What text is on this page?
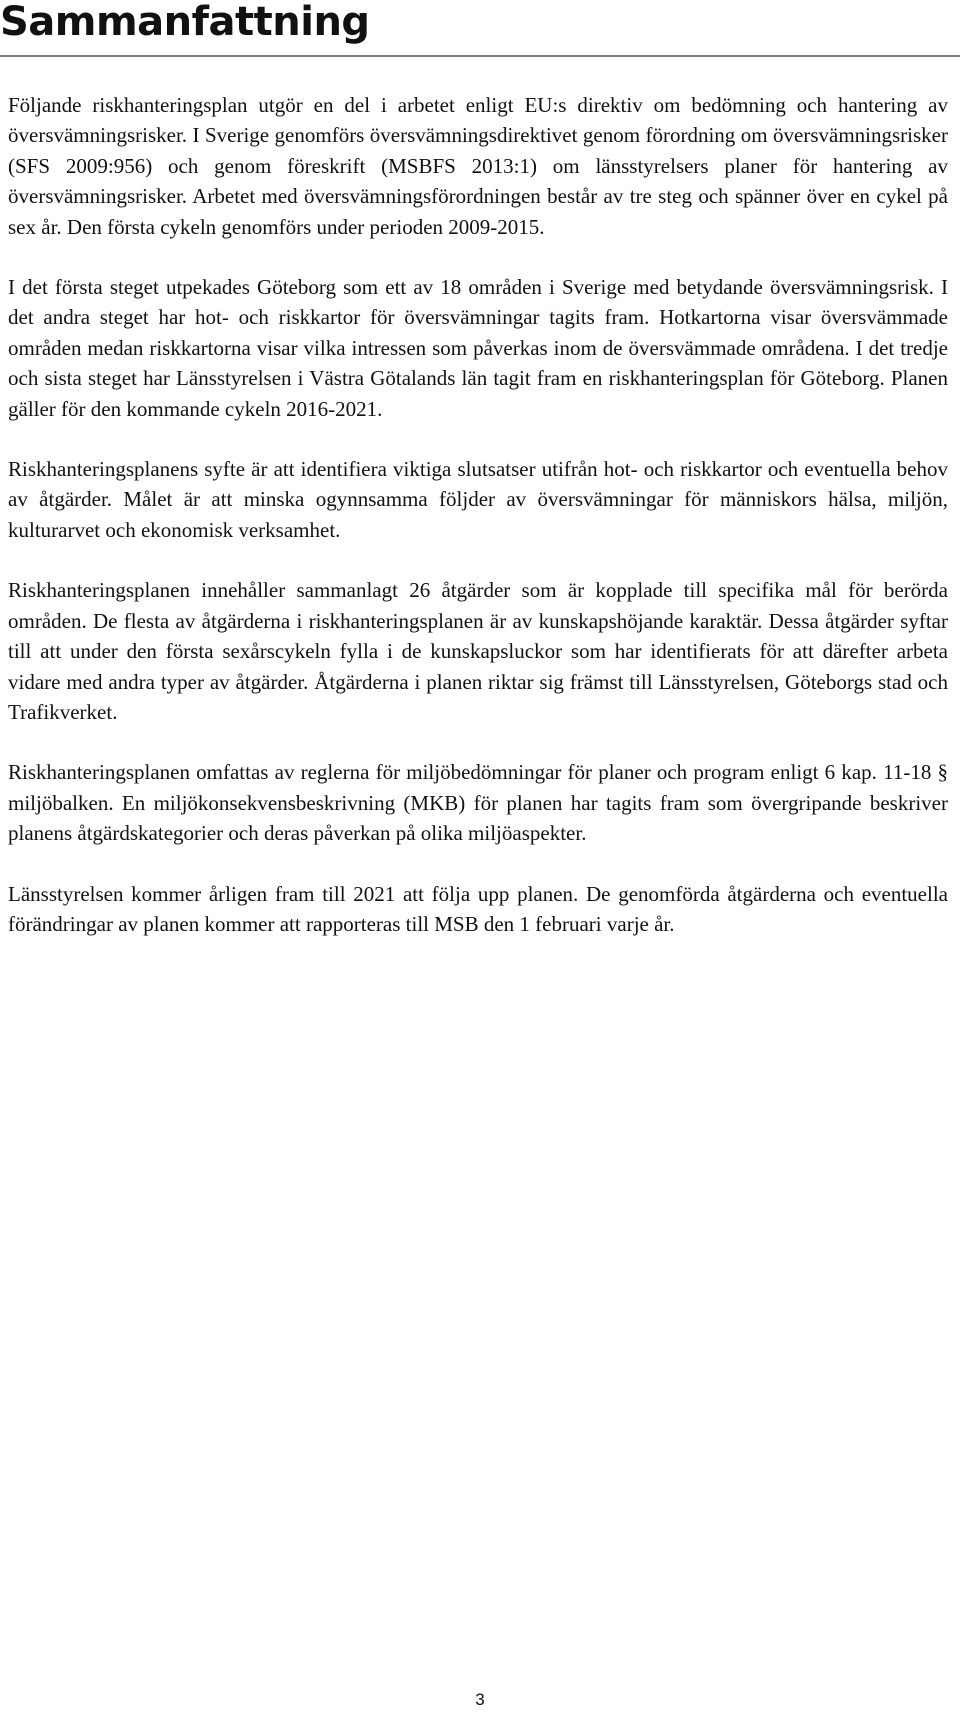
Sammanfattning

Följande riskhanteringsplan utgör en del i arbetet enligt EU:s direktiv om bedömning och hantering av översvämningsrisker. I Sverige genomförs översvämningsdirektivet genom förordning om översvämningsrisker (SFS 2009:956) och genom föreskrift (MSBFS 2013:1) om länsstyrelsers planer för hantering av översvämningsrisker. Arbetet med översvämningsförordningen består av tre steg och spänner över en cykel på sex år. Den första cykeln genomförs under perioden 2009-2015.

I det första steget utpekades Göteborg som ett av 18 områden i Sverige med betydande översvämningsrisk. I det andra steget har hot- och riskkartor för översvämningar tagits fram. Hotkartorna visar översvämmade områden medan riskkartorna visar vilka intressen som påverkas inom de översvämmade områdena. I det tredje och sista steget har Länsstyrelsen i Västra Götalands län tagit fram en riskhanteringsplan för Göteborg. Planen gäller för den kommande cykeln 2016-2021.

Riskhanteringsplanens syfte är att identifiera viktiga slutsatser utifrån hot- och riskkartor och eventuella behov av åtgärder. Målet är att minska ogynnsamma följder av översvämningar för människors hälsa, miljön, kulturarvet och ekonomisk verksamhet.

Riskhanteringsplanen innehåller sammanlagt 26 åtgärder som är kopplade till specifika mål för berörda områden. De flesta av åtgärderna i riskhanteringsplanen är av kunskapshöjande karaktär. Dessa åtgärder syftar till att under den första sexårscykeln fylla i de kunskapsluckor som har identifierats för att därefter arbeta vidare med andra typer av åtgärder. Åtgärderna i planen riktar sig främst till Länsstyrelsen, Göteborgs stad och Trafikverket.

Riskhanteringsplanen omfattas av reglerna för miljöbedömningar för planer och program enligt 6 kap. 11-18 § miljöbalken. En miljökonsekvensbeskrivning (MKB) för planen har tagits fram som övergripande beskriver planens åtgärdskategorier och deras påverkan på olika miljöaspekter.

Länsstyrelsen kommer årligen fram till 2021 att följa upp planen. De genomförda åtgärderna och eventuella förändringar av planen kommer att rapporteras till MSB den 1 februari varje år.

3
